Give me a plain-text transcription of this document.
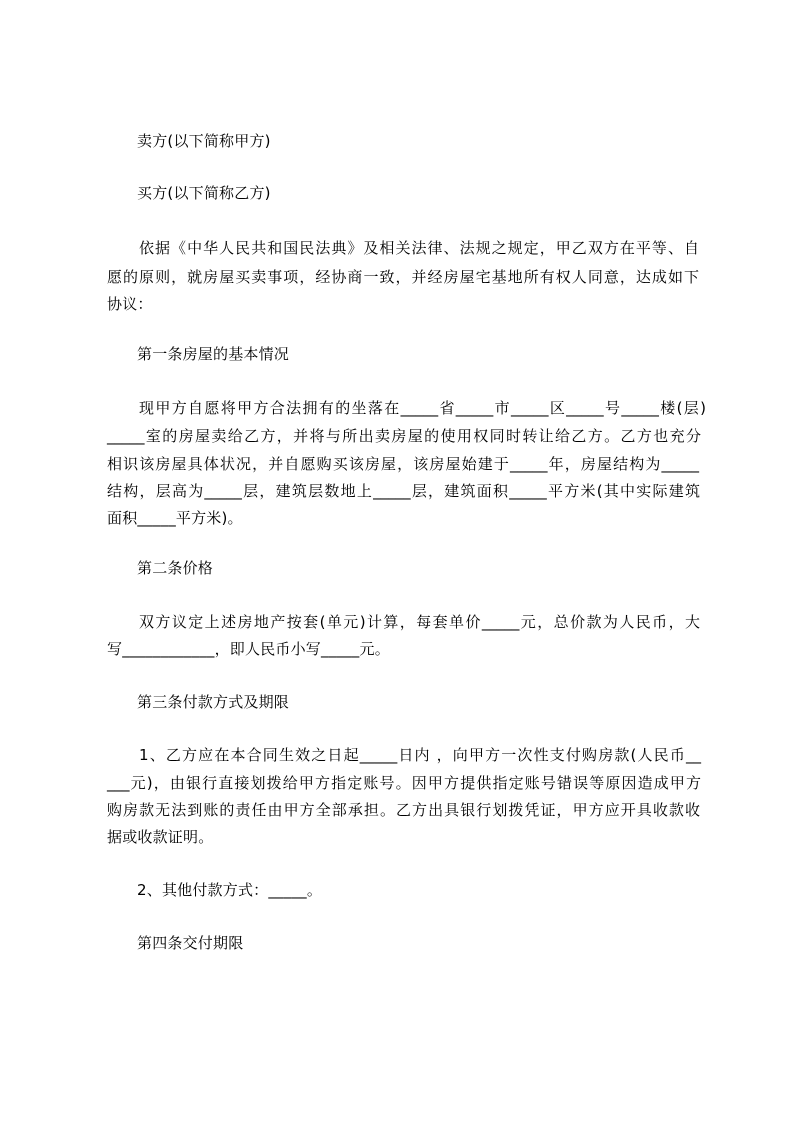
卖方(以下简称甲方)
买方(以下简称乙方)
依据《中华人民共和国民法典》及相关法律、法规之规定，甲乙双方在平等、自
愿的原则，就房屋买卖事项，经协商一致，并经房屋宅基地所有权人同意，达成如下
协议：
第一条房屋的基本情况
现甲方自愿将甲方合法拥有的坐落在_____省_____市_____区_____号_____楼(层)
_____室的房屋卖给乙方，并将与所出卖房屋的使用权同时转让给乙方。乙方也充分
相识该房屋具体状况，并自愿购买该房屋，该房屋始建于_____年，房屋结构为_____
结构，层高为_____层，建筑层数地上_____层，建筑面积_____平方米(其中实际建筑
面积_____平方米)。
第二条价格
双方议定上述房地产按套(单元)计算，每套单价_____元，总价款为人民币，大
写____________，即人民币小写_____元。
第三条付款方式及期限
1、乙方应在本合同生效之日起_____日内 ，向甲方一次性支付购房款(人民币__
___元)，由银行直接划拨给甲方指定账号。因甲方提供指定账号错误等原因造成甲方
购房款无法到账的责任由甲方全部承担。乙方出具银行划拨凭证，甲方应开具收款收
据或收款证明。
2、其他付款方式：_____。
第四条交付期限
